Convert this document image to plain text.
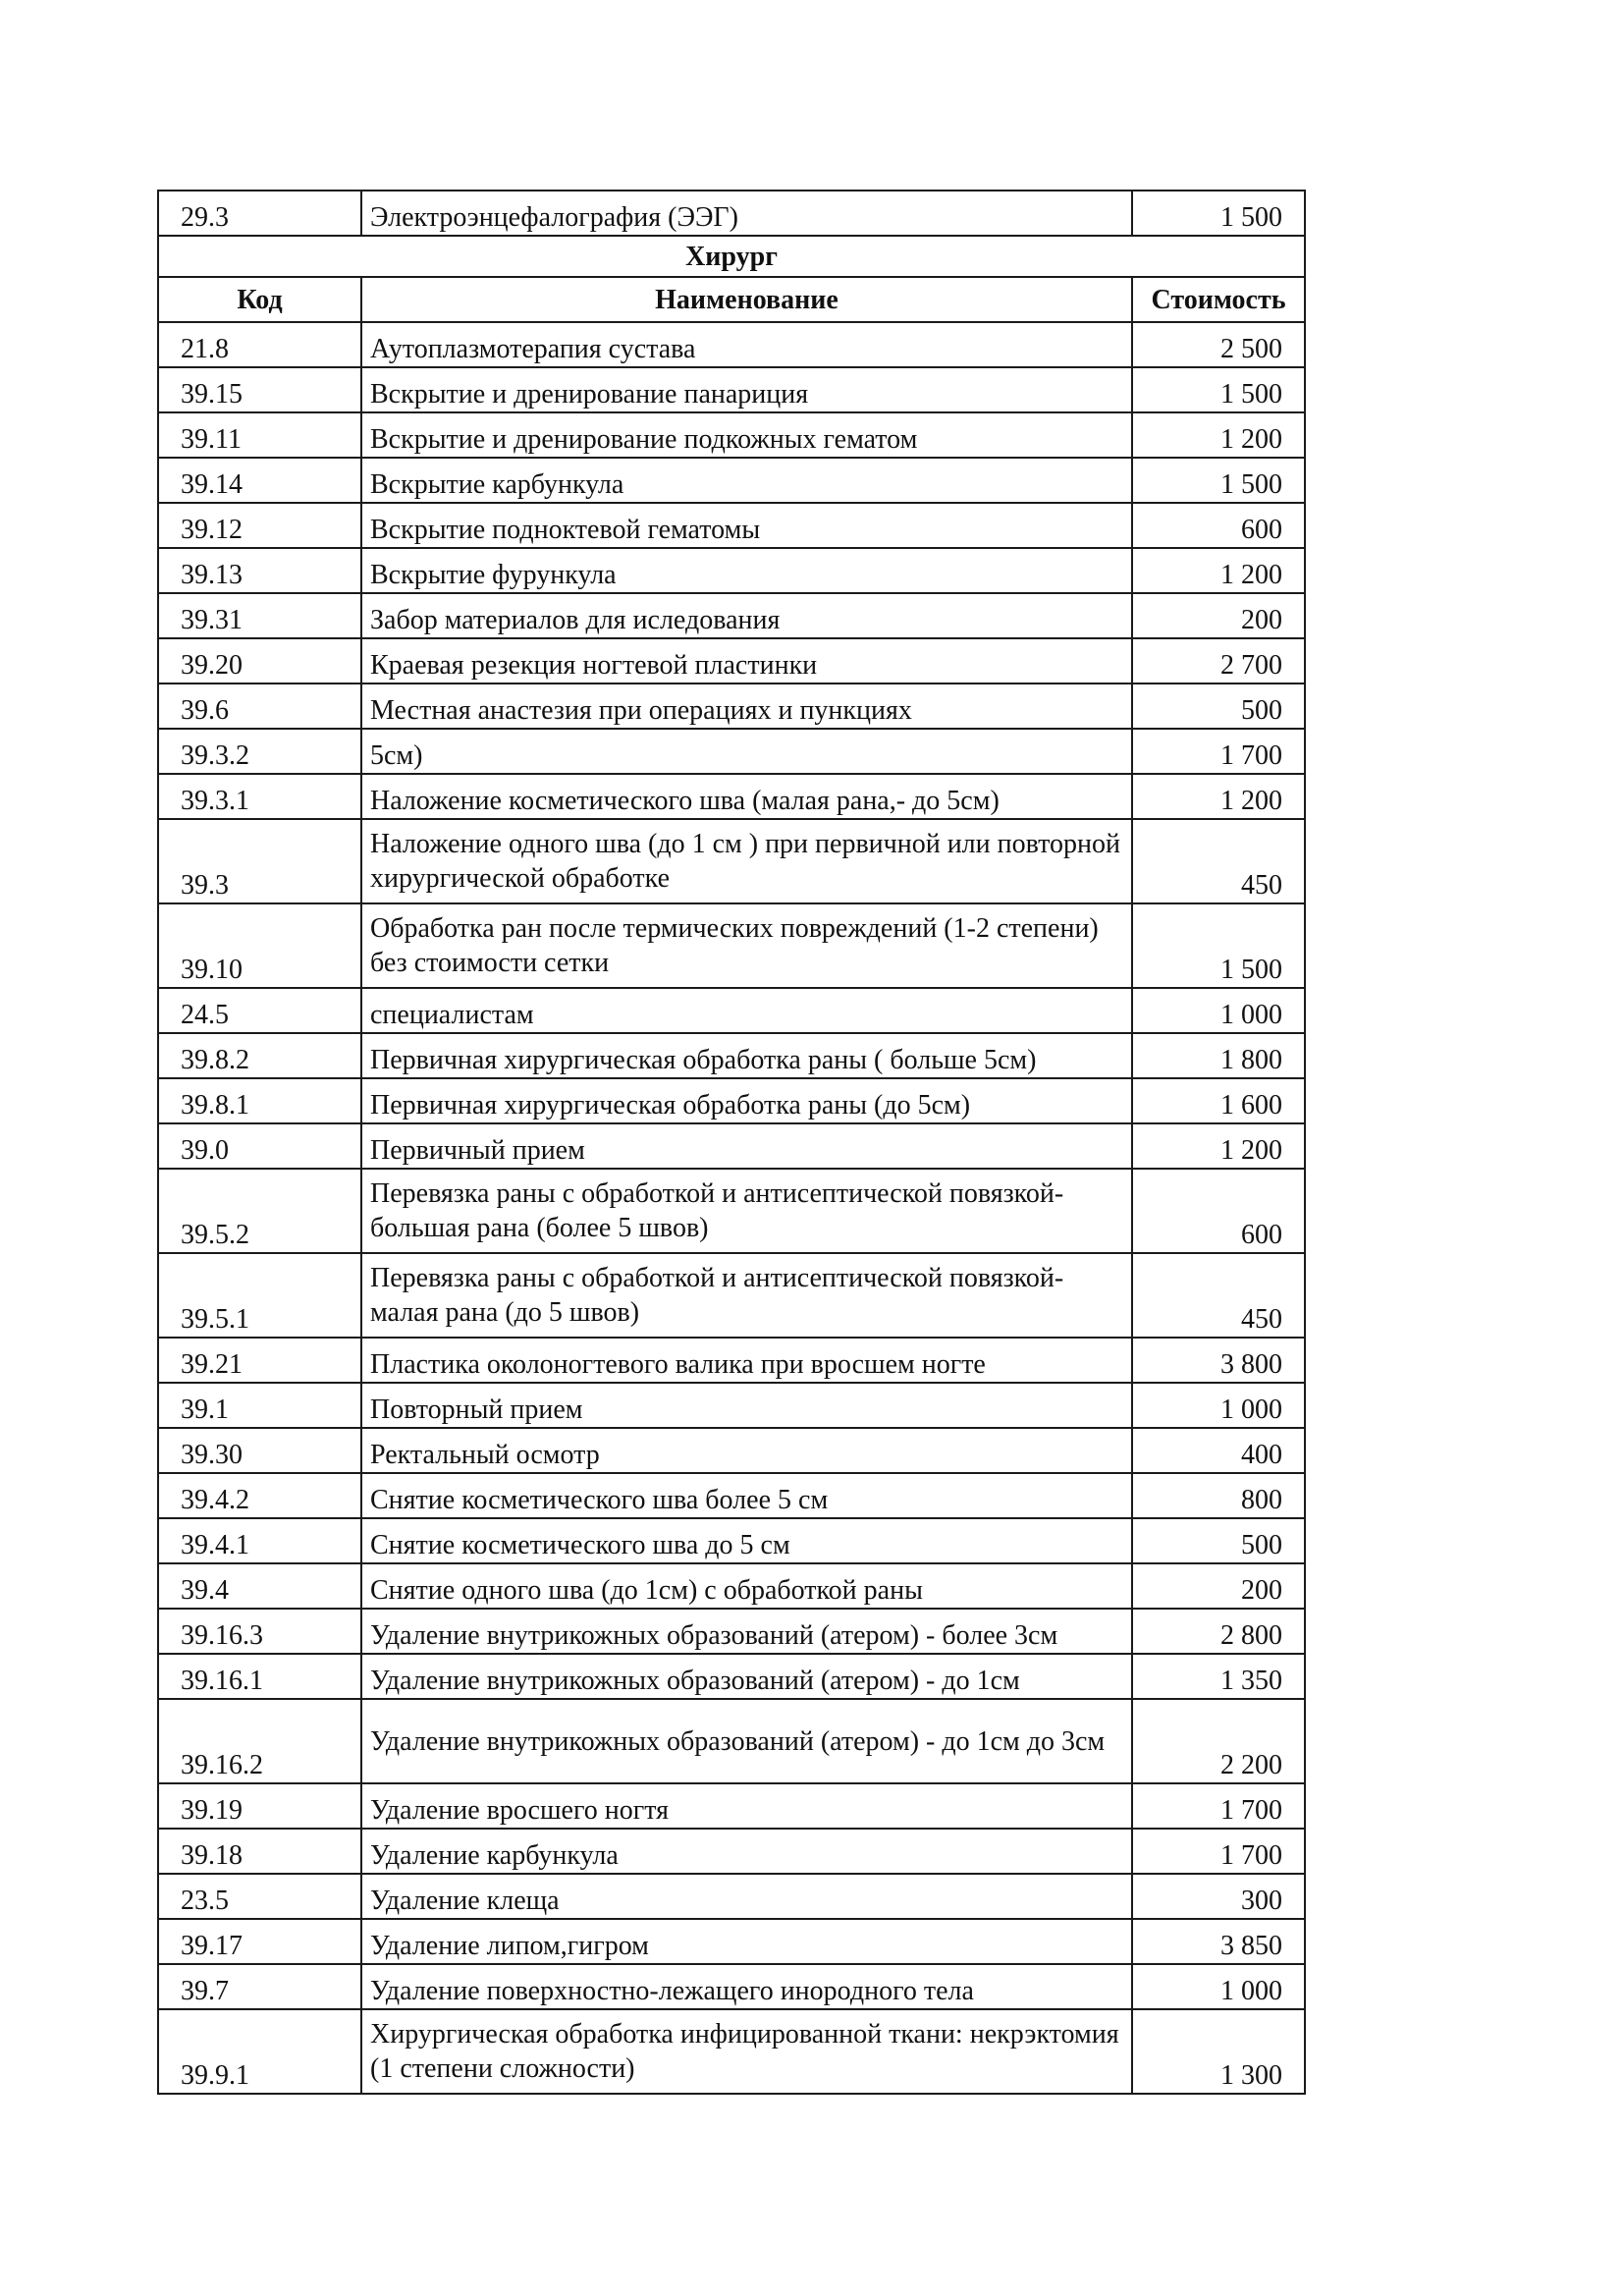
29.3	Электроэнцефалография (ЭЭГ)	1 500
Хирург		
Код	Наименование	Стоимость
21.8	Аутоплазмотерапия сустава	2 500
39.15	Вскрытие и дренирование панариция	1 500
39.11	Вскрытие и дренирование подкожных гематом	1 200
39.14	Вскрытие карбункула	1 500
39.12	Вскрытие подноктевой гематомы	600
39.13	Вскрытие фурункула	1 200
39.31	Забор материалов для иследования	200
39.20	Краевая резекция ногтевой пластинки	2 700
39.6	Местная анастезия при операциях и пункциях	500
39.3.2	5см)	1 700
39.3.1	Наложение косметического шва (малая рана,- до 5см)	1 200
39.3	Наложение одного шва (до 1 см ) при первичной или повторной хирургической обработке	450
39.10	Обработка ран после термических повреждений (1-2 степени) без стоимости сетки	1 500
24.5	специалистам	1 000
39.8.2	Первичная хирургическая обработка раны ( больше 5см)	1 800
39.8.1	Первичная хирургическая обработка раны (до 5см)	1 600
39.0	Первичный прием	1 200
39.5.2	Перевязка раны с обработкой и антисептической повязкой- большая рана (более 5 швов)	600
39.5.1	Перевязка раны с обработкой и антисептической повязкой- малая рана (до 5 швов)	450
39.21	Пластика околоногтевого валика при вросшем ногте	3 800
39.1	Повторный прием	1 000
39.30	Ректальный осмотр	400
39.4.2	Снятие косметического шва более 5 см	800
39.4.1	Снятие косметического шва до 5 см	500
39.4	Снятие одного шва (до 1см) с обработкой раны	200
39.16.3	Удаление внутрикожных образований (атером) - более 3см	2 800
39.16.1	Удаление внутрикожных образований (атером) - до 1см	1 350
39.16.2	Удаление внутрикожных образований (атером) - до 1см до 3см	2 200
39.19	Удаление вросшего ногтя	1 700
39.18	Удаление карбункула	1 700
23.5	Удаление клеща	300
39.17	Удаление липом,гигром	3 850
39.7	Удаление поверхностно-лежащего инородного тела	1 000
39.9.1	Хирургическая обработка инфицированной ткани: некрэктомия (1 степени сложности)	1 300
